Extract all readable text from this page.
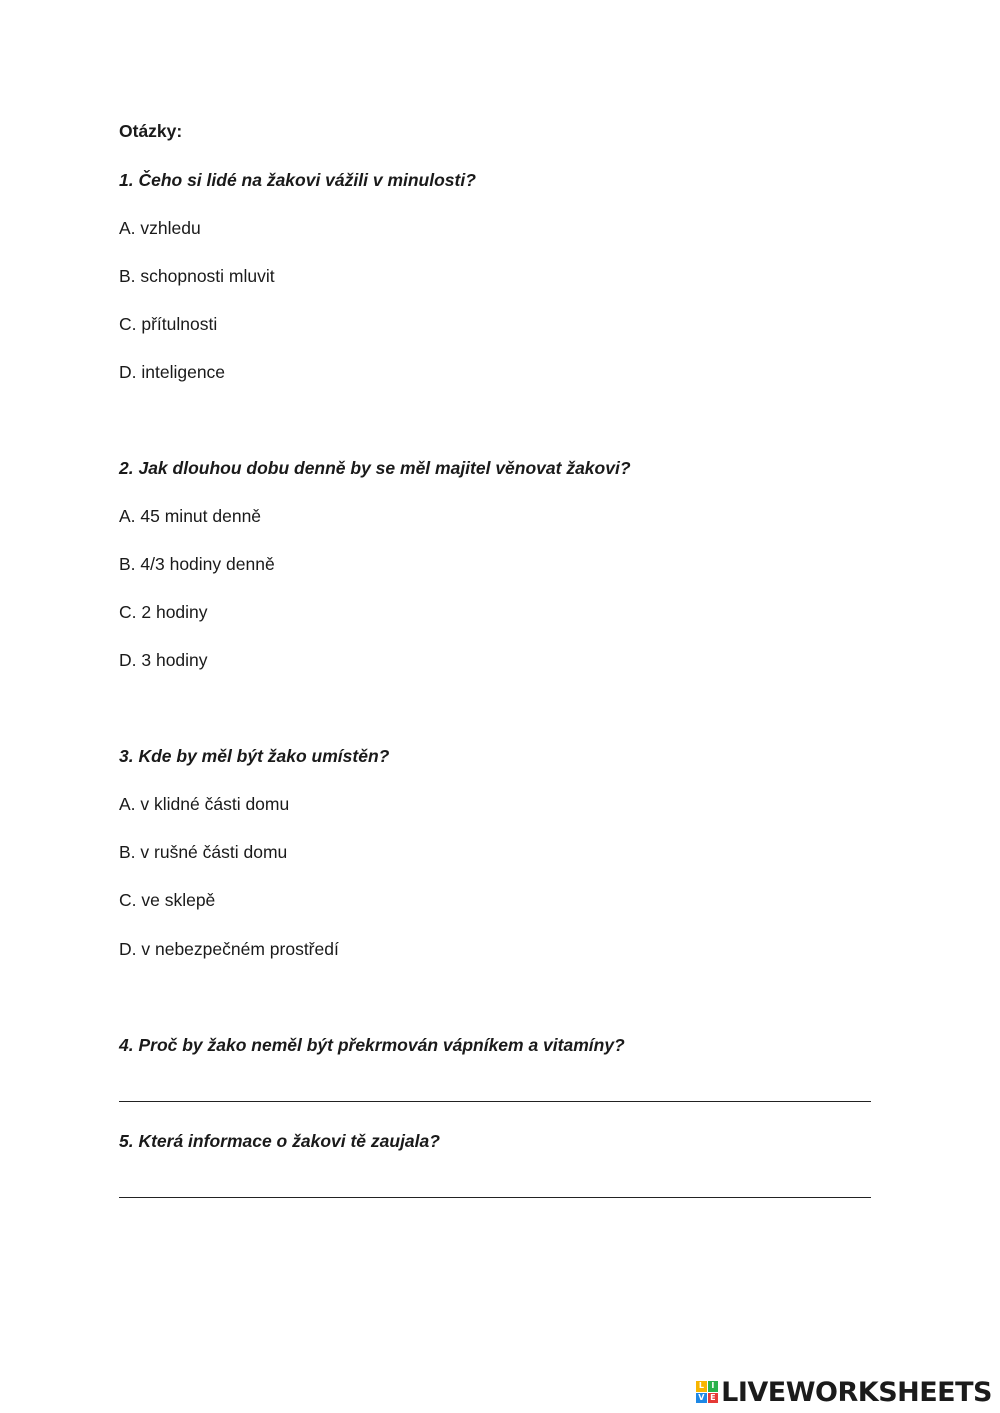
Otázky:
1. Čeho si lidé na žakovi vážili v minulosti?
A. vzhledu
B. schopnosti mluvit
C. přítulnosti
D. inteligence
2. Jak dlouhou dobu denně by se měl majitel věnovat žakovi?
A. 45 minut denně
B. 4/3 hodiny denně
C. 2 hodiny
D. 3 hodiny
3. Kde by měl být žako umístěn?
A. v klidné části domu
B. v rušné části domu
C. ve sklepě
D. v nebezpečném prostředí
4. Proč by žako neměl být překrmován vápníkem a vitamíny?
5. Která informace o žakovi tě zaujala?
L I
V E LIVEWORKSHEETS
